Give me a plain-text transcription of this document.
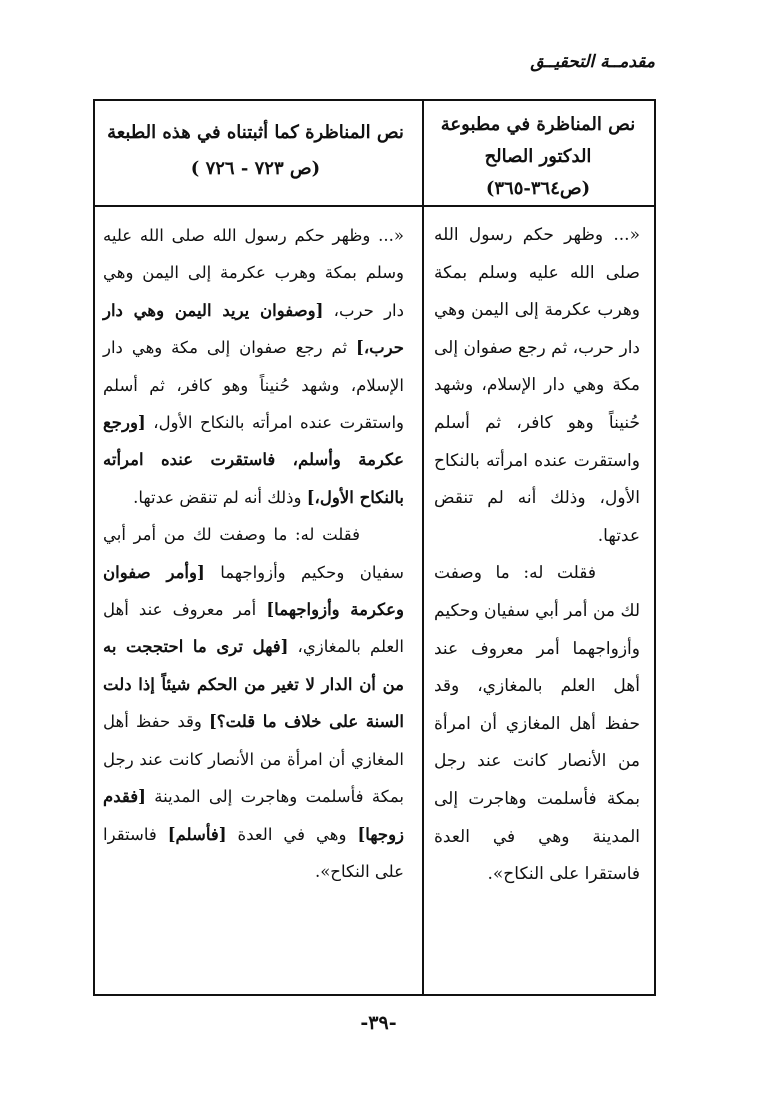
مقدمــة التحقيــق
نص المناظرة كما أثبتناه في هذه الطبعة
(ص ٧٢٣ - ٧٢٦ )
نص المناظرة في مطبوعة
الدكتور الصالح
(ص٣٦٤-٣٦٥)
«... وظهر حكم رسول الله صلى الله عليه وسلم بمكة وهرب عكرمة إلى اليمن وهي دار حرب، [وصفوان يريد اليمن وهي دار حرب،] ثم رجع صفوان إلى مكة وهي دار الإسلام، وشهد حُنيناً وهو كافر، ثم أسلم واستقرت عنده امرأته بالنكاح الأول، [ورجع عكرمة وأسلم، فاستقرت عنده امرأته بالنكاح الأول،] وذلك أنه لم تنقض عدتها.
فقلت له: ما وصفت لك من أمر أبي سفيان وحكيم وأزواجهما [وأمر صفوان وعكرمة وأزواجهما] أمر معروف عند أهل العلم بالمغازي، [فهل ترى ما احتججت به من أن الدار لا تغير من الحكم شيئاً إذا دلت السنة على خلاف ما قلت؟] وقد حفظ أهل المغازي أن امرأة من الأنصار كانت عند رجل بمكة فأسلمت وهاجرت إلى المدينة [فقدم زوجها] وهي في العدة [فأسلم] فاستقرا على النكاح».
«... وظهر حكم رسول الله صلى الله عليه وسلم بمكة وهرب عكرمة إلى اليمن وهي دار حرب، ثم رجع صفوان إلى مكة وهي دار الإسلام، وشهد حُنيناً وهو كافر، ثم أسلم واستقرت عنده امرأته بالنكاح الأول، وذلك أنه لم تنقض عدتها.
فقلت له: ما وصفت لك من أمر أبي سفيان وحكيم وأزواجهما أمر معروف عند أهل العلم بالمغازي، وقد حفظ أهل المغازي أن امرأة من الأنصار كانت عند رجل بمكة فأسلمت وهاجرت إلى المدينة وهي في العدة فاستقرا على النكاح».
-٣٩-
